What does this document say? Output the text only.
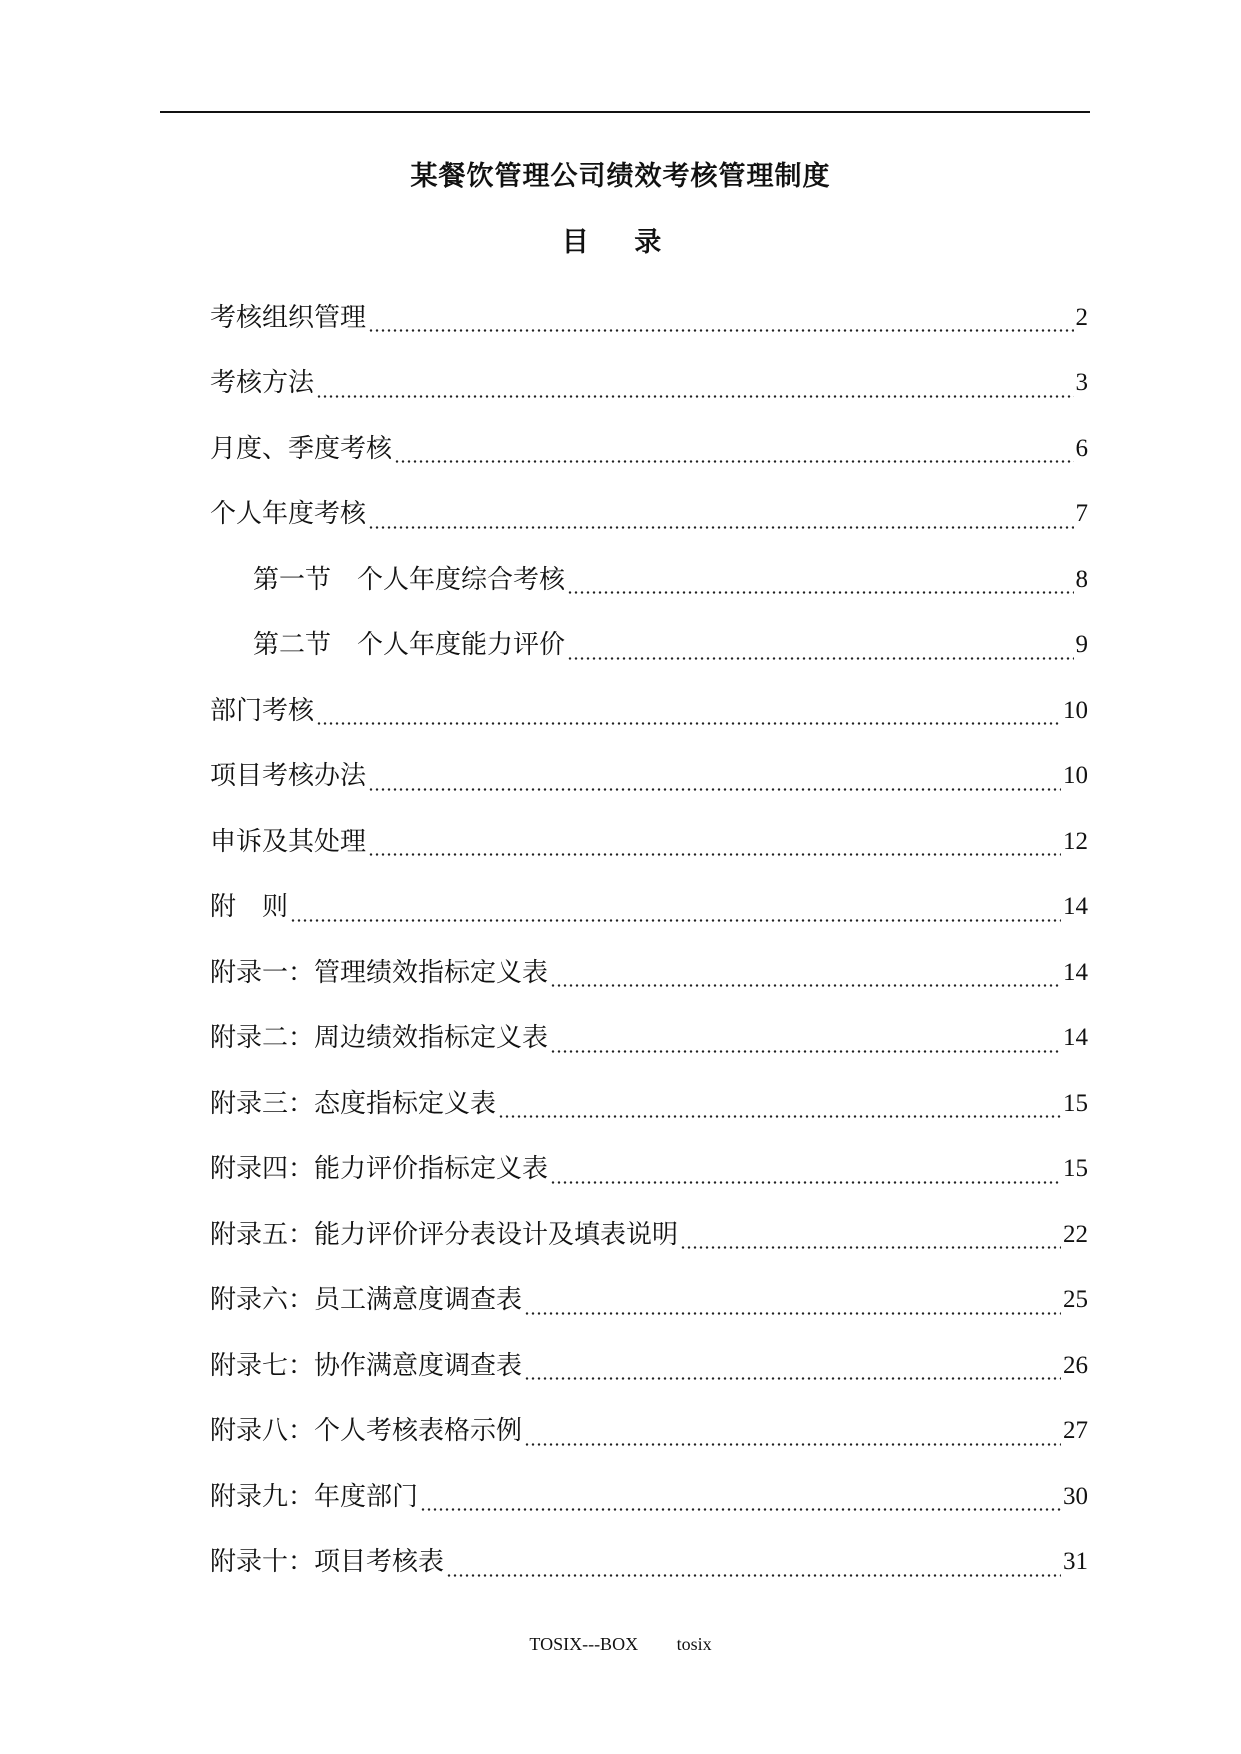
某餐饮管理公司绩效考核管理制度
目 录
考核组织管理	2
考核方法	3
月度、季度考核	6
个人年度考核	7
第一节　个人年度综合考核	8
第二节　个人年度能力评价	9
部门考核	10
项目考核办法	10
申诉及其处理	12
附　则	14
附录一：管理绩效指标定义表	14
附录二：周边绩效指标定义表	14
附录三：态度指标定义表	15
附录四：能力评价指标定义表	15
附录五：能力评价评分表设计及填表说明	22
附录六：员工满意度调查表	25
附录七：协作满意度调查表	26
附录八：个人考核表格示例	27
附录九：年度部门	30
附录十：项目考核表	31
TOSIX---BOX tosix
